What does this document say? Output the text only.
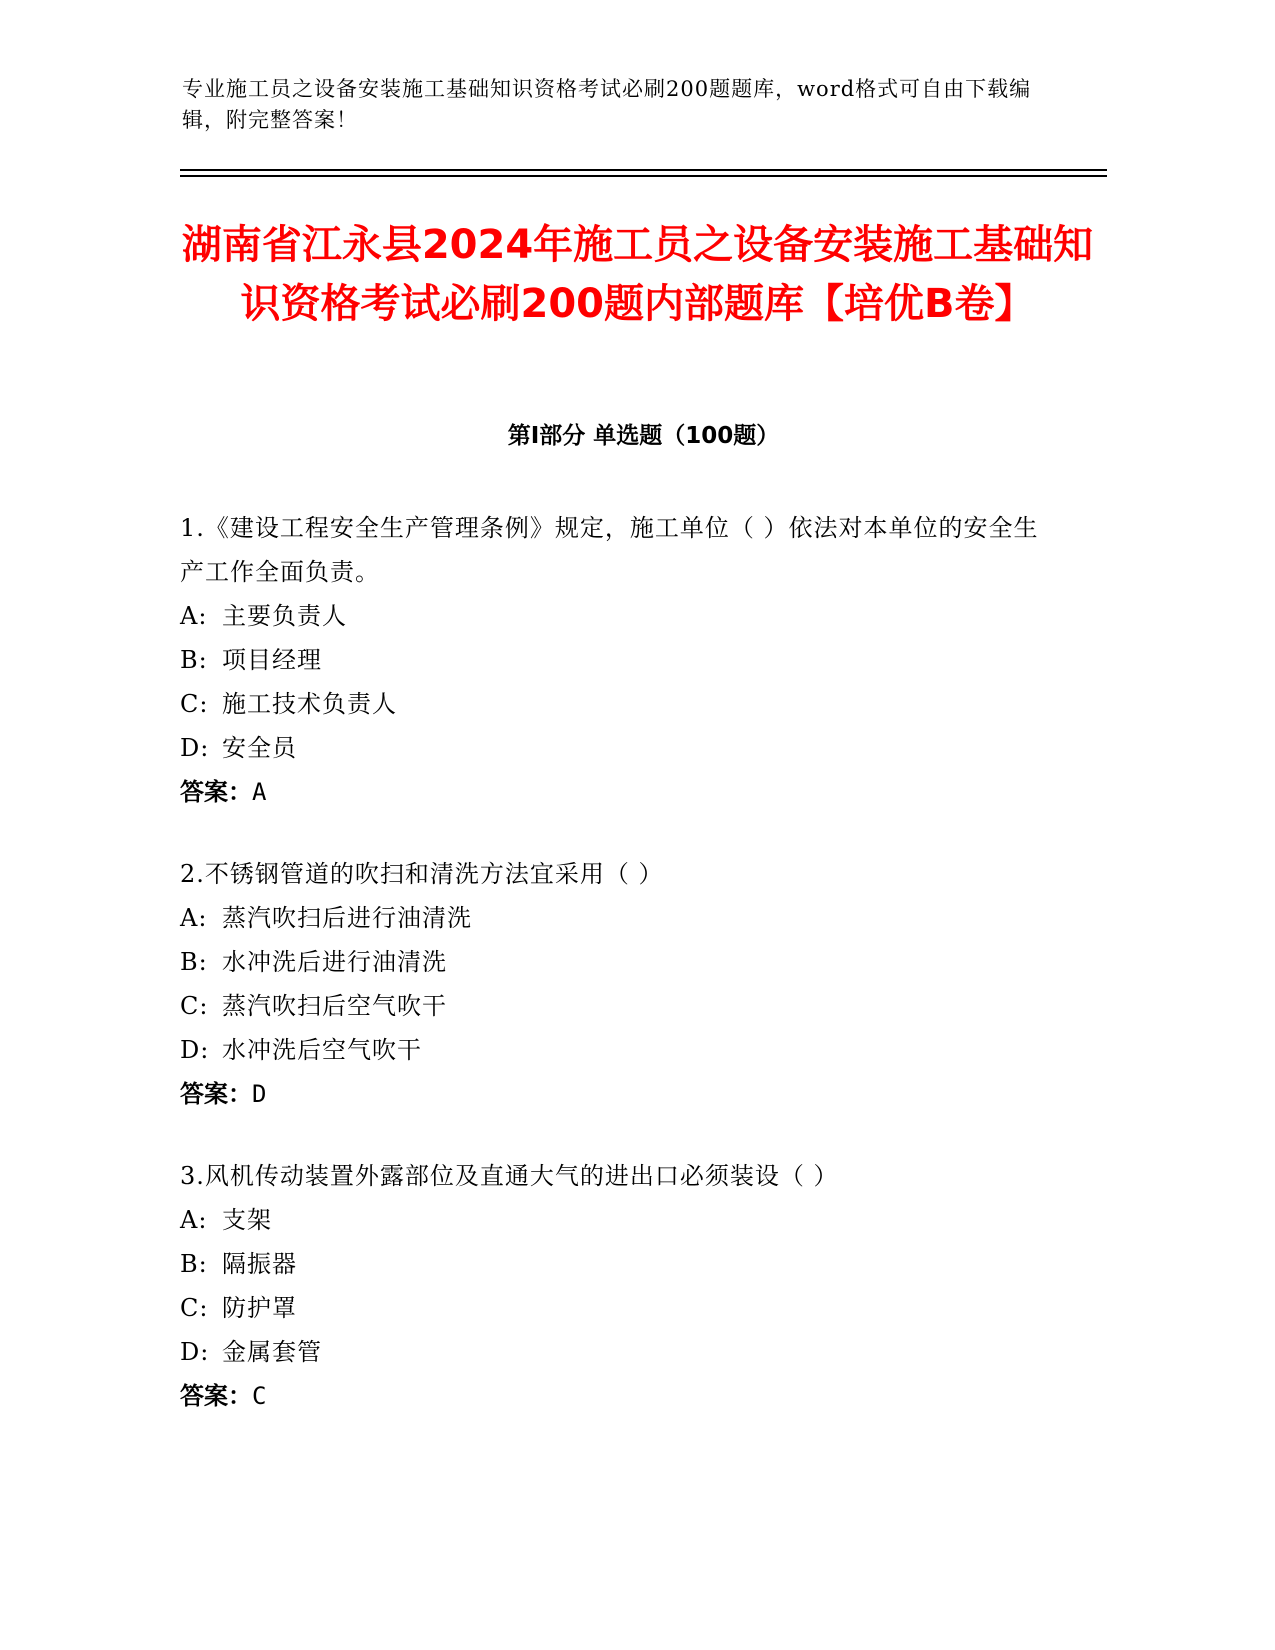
专业施工员之设备安装施工基础知识资格考试必刷200题题库，word格式可自由下载编辑，附完整答案！
湖南省江永县2024年施工员之设备安装施工基础知识资格考试必刷200题内部题库【培优B卷】
第Ⅰ部分 单选题（100题）
1.《建设工程安全生产管理条例》规定，施工单位（ ）依法对本单位的安全生产工作全面负责。
A: 主要负责人
B: 项目经理
C: 施工技术负责人
D: 安全员
答案：A
2.不锈钢管道的吹扫和清洗方法宜采用（ ）
A: 蒸汽吹扫后进行油清洗
B: 水冲洗后进行油清洗
C: 蒸汽吹扫后空气吹干
D: 水冲洗后空气吹干
答案：D
3.风机传动装置外露部位及直通大气的进出口必须装设（ ）
A: 支架
B: 隔振器
C: 防护罩
D: 金属套管
答案：C
